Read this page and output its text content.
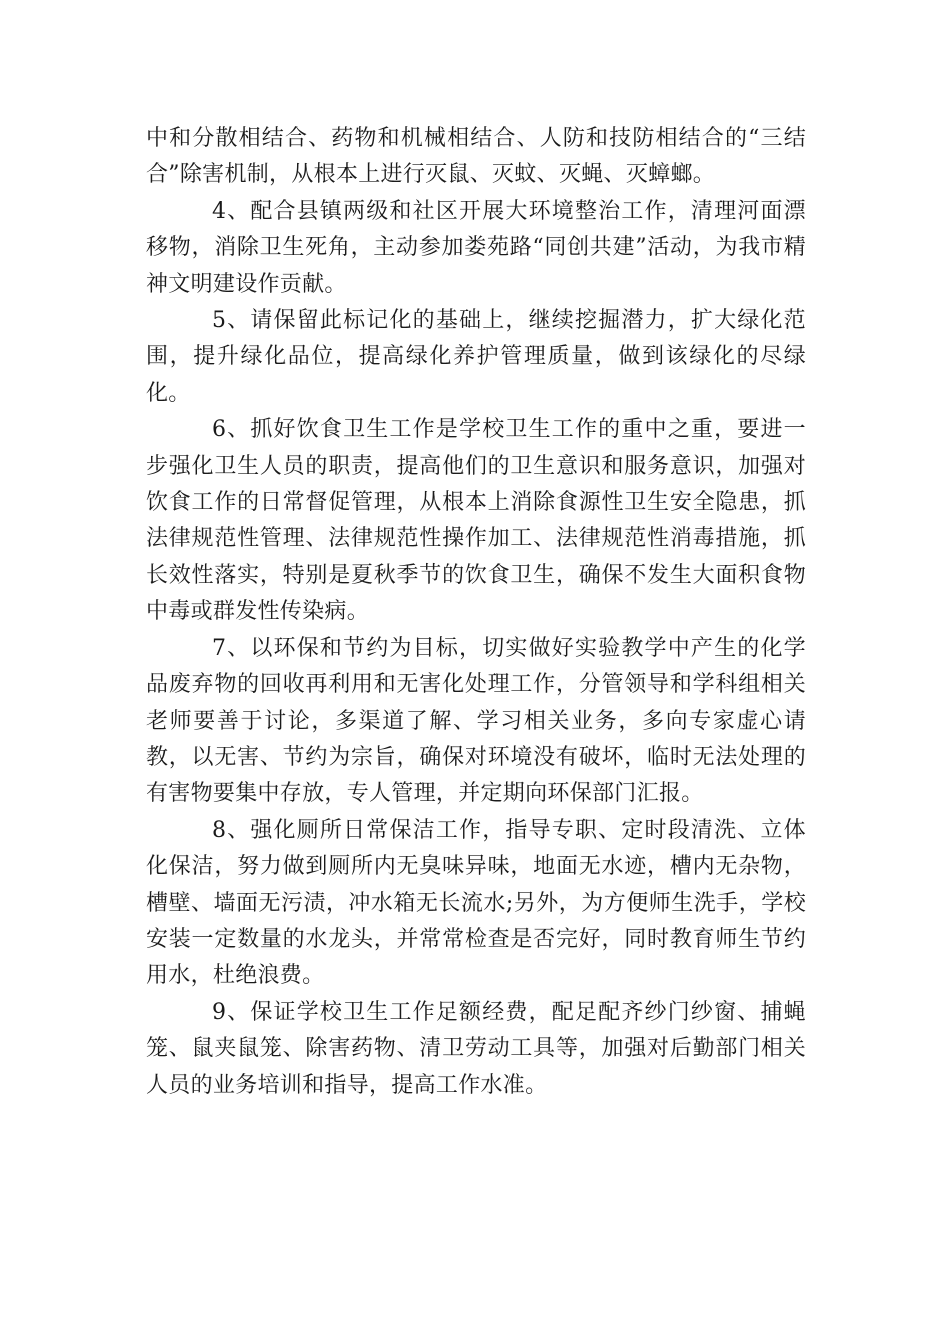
中和分散相结合、药物和机械相结合、人防和技防相结合的“三结合”除害机制，从根本上进行灭鼠、灭蚊、灭蝇、灭蟑螂。

4、配合县镇两级和社区开展大环境整治工作，清理河面漂移物，消除卫生死角，主动参加娄苑路“同创共建”活动，为我市精神文明建设作贡献。

5、请保留此标记化的基础上，继续挖掘潜力，扩大绿化范围，提升绿化品位，提高绿化养护管理质量，做到该绿化的尽绿化。

6、抓好饮食卫生工作是学校卫生工作的重中之重，要进一步强化卫生人员的职责，提高他们的卫生意识和服务意识，加强对饮食工作的日常督促管理，从根本上消除食源性卫生安全隐患，抓法律规范性管理、法律规范性操作加工、法律规范性消毒措施，抓长效性落实，特别是夏秋季节的饮食卫生，确保不发生大面积食物中毒或群发性传染病。

7、以环保和节约为目标，切实做好实验教学中产生的化学品废弃物的回收再利用和无害化处理工作，分管领导和学科组相关老师要善于讨论，多渠道了解、学习相关业务，多向专家虚心请教，以无害、节约为宗旨，确保对环境没有破坏，临时无法处理的有害物要集中存放，专人管理，并定期向环保部门汇报。

8、强化厕所日常保洁工作，指导专职、定时段清洗、立体化保洁，努力做到厕所内无臭味异味，地面无水迹，槽内无杂物，槽壁、墙面无污渍，冲水箱无长流水;另外，为方便师生洗手，学校安装一定数量的水龙头，并常常检查是否完好，同时教育师生节约用水，杜绝浪费。

9、保证学校卫生工作足额经费，配足配齐纱门纱窗、捕蝇笼、鼠夹鼠笼、除害药物、清卫劳动工具等，加强对后勤部门相关人员的业务培训和指导，提高工作水准。
